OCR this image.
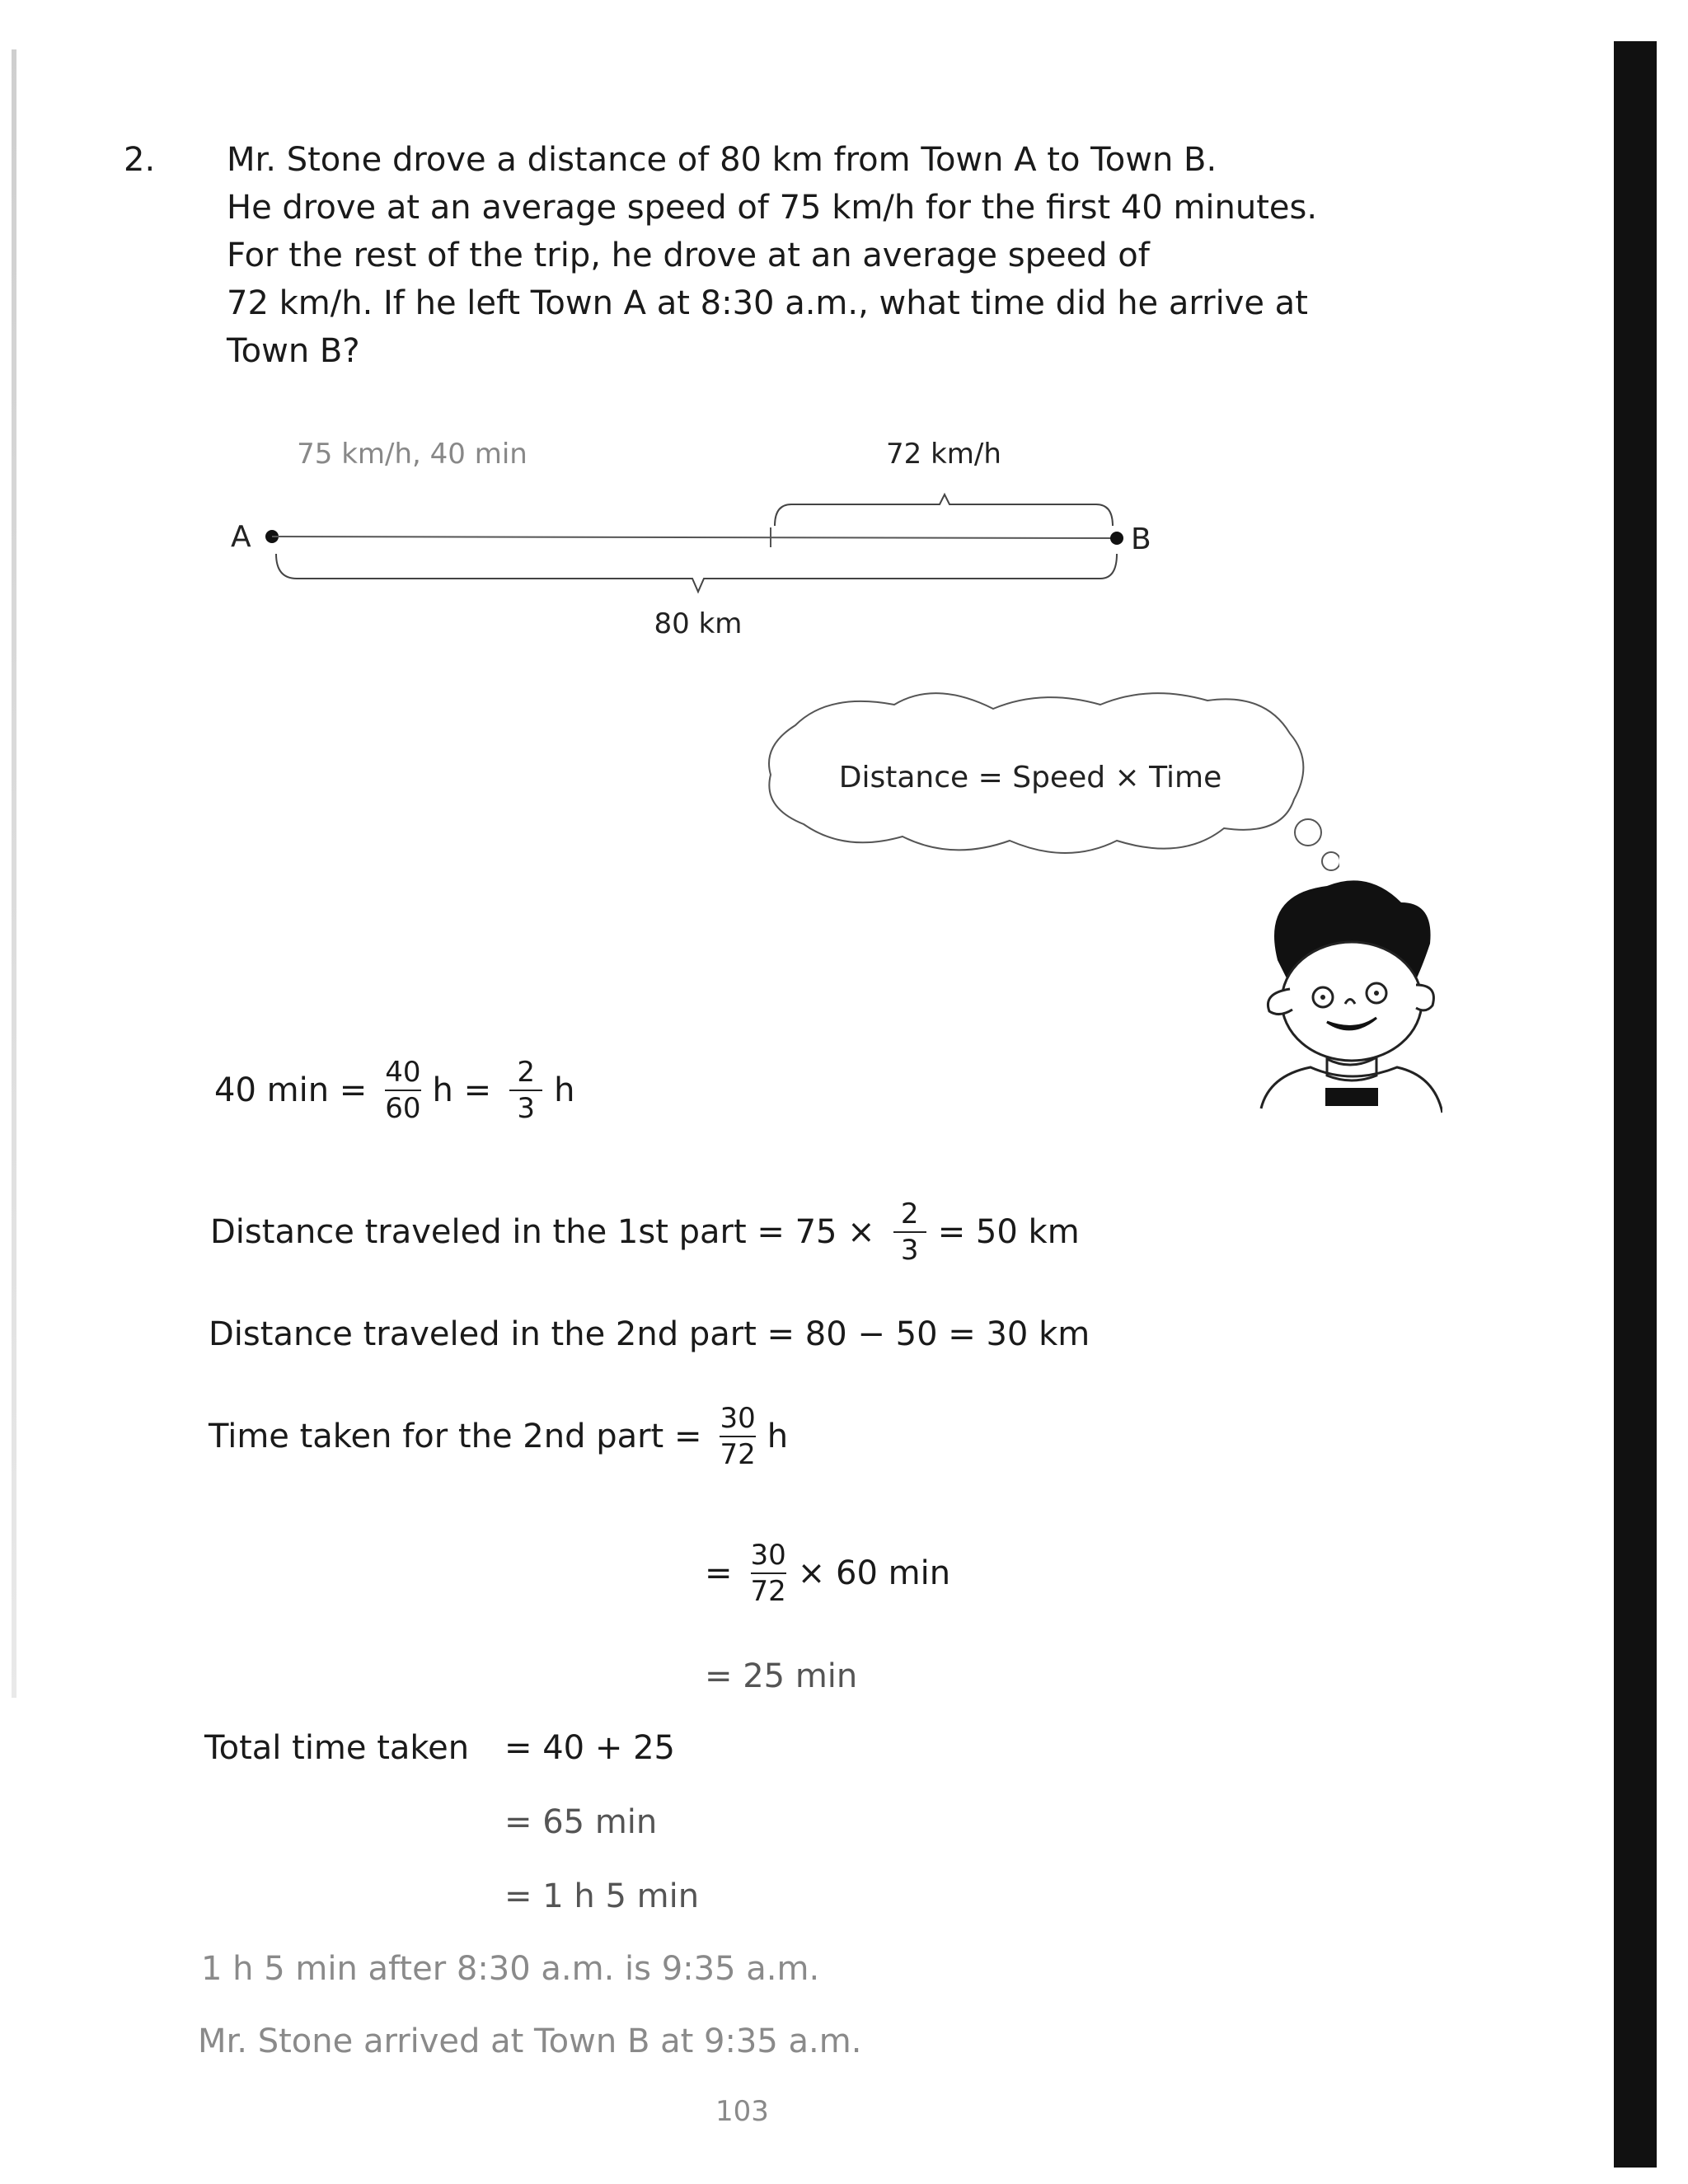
2. Mr. Stone drove a distance of 80 km from Town A to Town B.
He drove at an average speed of 75 km/h for the first 40 minutes.
For the rest of the trip, he drove at an average speed of
72 km/h. If he left Town A at 8:30 a.m., what time did he arrive at
Town B?
75 km/h, 40 min	72 km/h
A	B
80 km
Distance = Speed × Time
40 $\min = \frac{40}{60}$ $h = \frac{2}{3}$ h
Distance traveled in the 1st part = $75 \times \frac{2}{3} = 50$ km
Distance traveled in the 2nd part = 80 − 50 = 30 km
Time taken for the 2nd part = $\frac{30}{72}$ h
= $\frac{30}{72} \times 60$ min
= 25 min
Total time taken = 40 + 25
= 65 min
= 1 h 5 min
1 h 5 min after 8:30 a.m. is 9:35 a.m.
Mr. Stone arrived at Town B at 9:35 a.m.
103
